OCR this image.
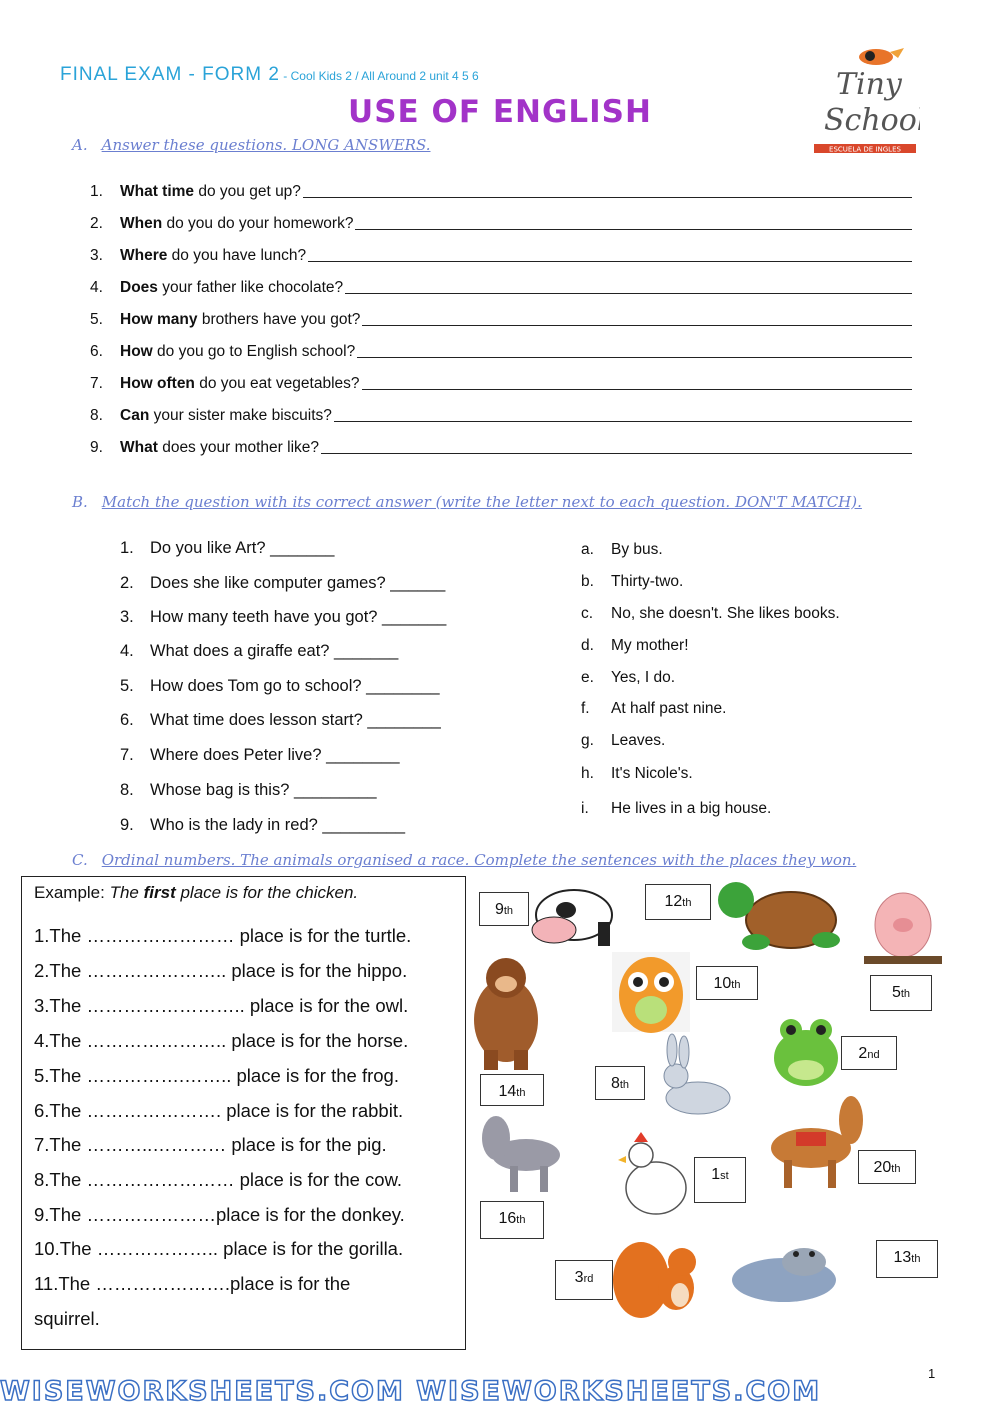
FINAL EXAM - FORM 2 - Cool Kids 2 / All Around 2 unit 4 5 6
USE OF ENGLISH
Tiny
School
ESCUELA DE INGLES
A. Answer these questions. LONG ANSWERS.
B. Match the question with its correct answer (write the letter next to each question. DON'T MATCH).
C. Ordinal numbers. The animals organised a race. Complete the sentences with the places they won.
Example: The first place is for the chicken.
WISEWORKSHEETS.COM WISEWORKSHEETS.COM
1
1.	What time do you get up?
2.	When do you do your homework?
3.	Where do you have lunch?
4.	Does your father like chocolate?
5.	How many brothers have you got?
6.	How do you go to English school?
7.	How often do you eat vegetables?
8.	Can your sister make biscuits?
9.	What does your mother like?
1. Do you like Art? _______
2. Does she like computer games? ______
3. How many teeth have you got? _______
4. What does a giraffe eat? _______
5. How does Tom go to school? ________
6. What time does lesson start? ________
7. Where does Peter live? ________
8. Whose bag is this? _________
9. Who is the lady in red? _________
a. By bus.
b. Thirty-two.
c. No, she doesn't. She likes books.
d. My mother!
e. Yes, I do.
f. At half past nine.
g. Leaves.
h. It's Nicole's.
i. He lives in a big house.
1.The …………………… place is for the turtle.
2.The ………………….. place is for the hippo.
3.The …………………….. place is for the owl.
4.The ………………….. place is for the horse.
5.The …………….…….. place is for the frog.
6.The …………………. place is for the rabbit.
7.The ………..………… place is for the pig.
8.The …………………… place is for the cow.
9.The …………………place is for the donkey.
10.The ……………….. place is for the gorilla.
11.The ………………….place is for the
squirrel.
9th
12th
10th	5th
2nd
14th
8th
1st	20th
16th
3rd
13th
